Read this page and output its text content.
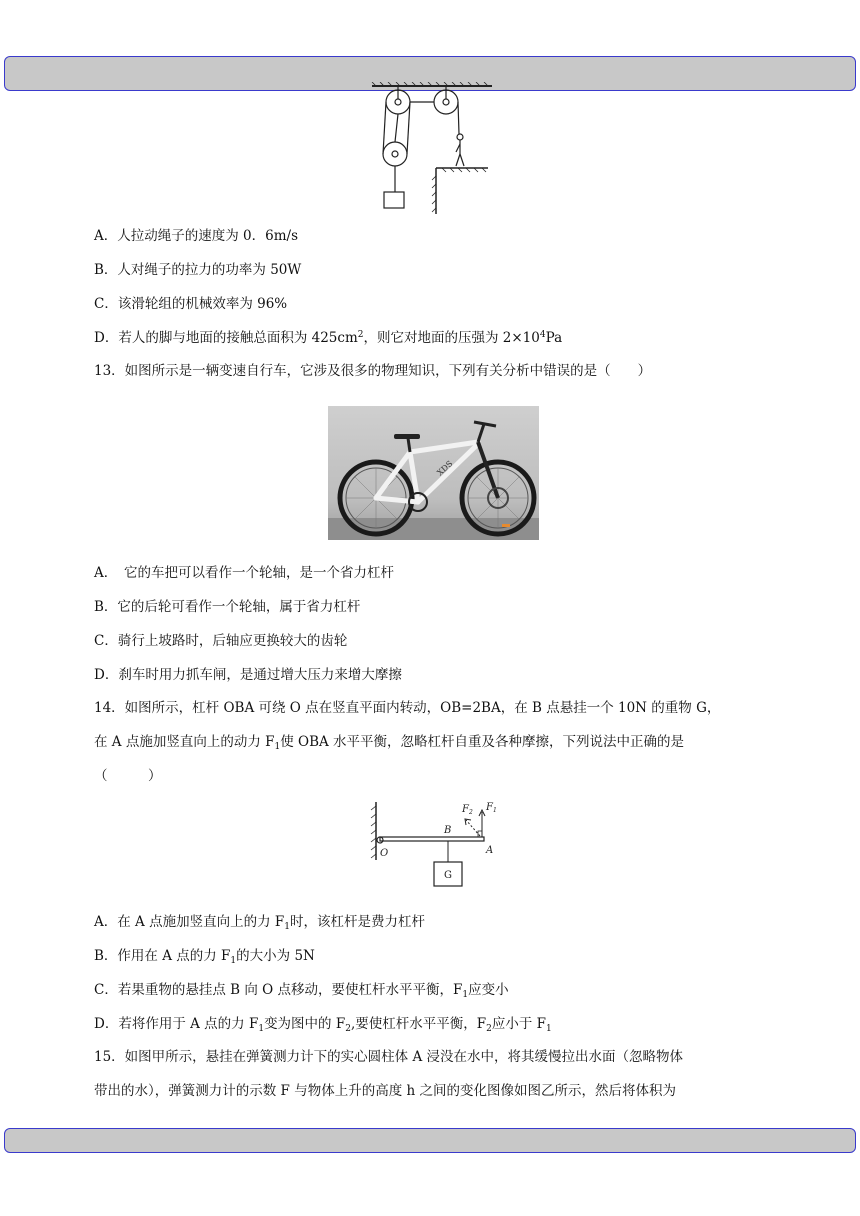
A．人拉动绳子的速度为 0．6m/s
B．人对绳子的拉力的功率为 50W
C．该滑轮组的机械效率为 96%
D．若人的脚与地面的接触总面积为 $425cm^2$，则它对地面的压强为 $2\times 10^4Pa$
13．如图所示是一辆变速自行车，它涉及很多的物理知识，下列有关分析中错误的是（　　）
XDS
A．　它的车把可以看作一个轮轴，是一个省力杠杆
B．它的后轮可看作一个轮轴，属于省力杠杆
C．骑行上坡路时，后轴应更换较大的齿轮
D．刹车时用力抓车闸，是通过增大压力来增大摩擦
14．如图所示，杠杆 OBA 可绕 O 点在竖直平面内转动，OB=2BA，在 B 点悬挂一个 10N 的重物 G，
在 A 点施加竖直向上的动力 $F_1$使 OBA 水平平衡，忽略杠杆自重及各种摩擦，下列说法中正确的是
（　　　）
$F_2$ $F_1$
B
A
O
G
A．在 A 点施加竖直向上的力 $F_1$时，该杠杆是费力杠杆
B．作用在 A 点的力 $F_1$的大小为 5N
C．若果重物的悬挂点 B 向 O 点移动，要使杠杆水平平衡，$F_1$应变小
D．若将作用于 A 点的力 $F_1$变为图中的 $F_2$,要使杠杆水平平衡，$F_2$应小于 $F_1$
15．如图甲所示，悬挂在弹簧测力计下的实心圆柱体 A 浸没在水中，将其缓慢拉出水面（忽略物体
带出的水），弹簧测力计的示数 F 与物体上升的高度 h 之间的变化图像如图乙所示，然后将体积为
